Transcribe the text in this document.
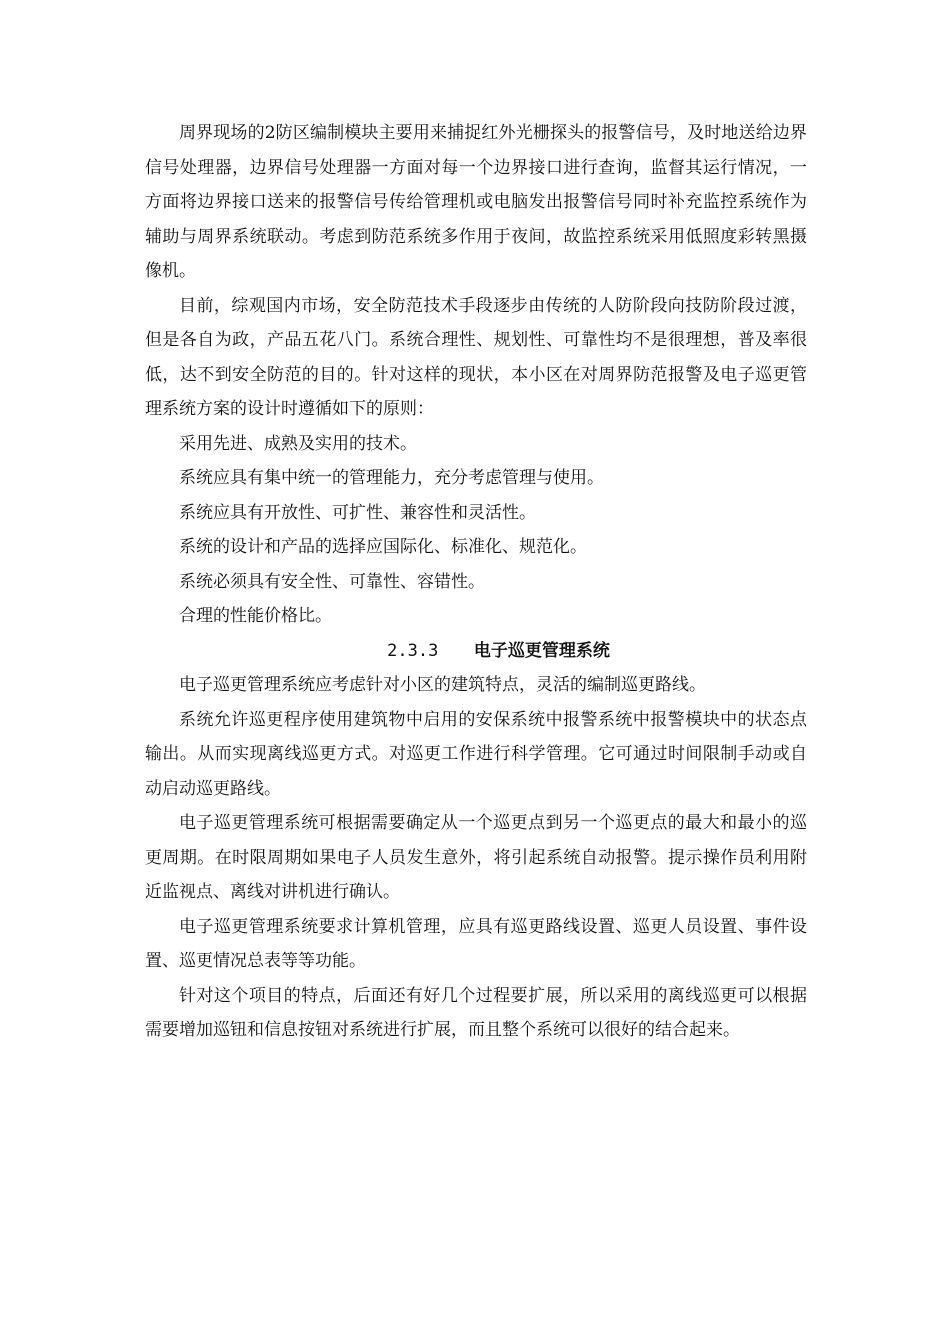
周界现场的2防区编制模块主要用来捕捉红外光栅探头的报警信号，及时地送给边界信号处理器，边界信号处理器一方面对每一个边界接口进行查询，监督其运行情况，一方面将边界接口送来的报警信号传给管理机或电脑发出报警信号同时补充监控系统作为辅助与周界系统联动。考虑到防范系统多作用于夜间，故监控系统采用低照度彩转黑摄像机。

目前，综观国内市场，安全防范技术手段逐步由传统的人防阶段向技防阶段过渡，但是各自为政，产品五花八门。系统合理性、规划性、可靠性均不是很理想，普及率很低，达不到安全防范的目的。针对这样的现状，本小区在对周界防范报警及电子巡更管理系统方案的设计时遵循如下的原则：

采用先进、成熟及实用的技术。

系统应具有集中统一的管理能力，充分考虑管理与使用。

系统应具有开放性、可扩性、兼容性和灵活性。

系统的设计和产品的选择应国际化、标准化、规范化。

系统必须具有安全性、可靠性、容错性。

合理的性能价格比。

2.3.3 电子巡更管理系统

电子巡更管理系统应考虑针对小区的建筑特点，灵活的编制巡更路线。

系统允许巡更程序使用建筑物中启用的安保系统中报警系统中报警模块中的状态点输出。从而实现离线巡更方式。对巡更工作进行科学管理。它可通过时间限制手动或自动启动巡更路线。

电子巡更管理系统可根据需要确定从一个巡更点到另一个巡更点的最大和最小的巡更周期。在时限周期如果电子人员发生意外，将引起系统自动报警。提示操作员利用附近监视点、离线对讲机进行确认。

电子巡更管理系统要求计算机管理，应具有巡更路线设置、巡更人员设置、事件设置、巡更情况总表等等功能。

针对这个项目的特点，后面还有好几个过程要扩展，所以采用的离线巡更可以根据需要增加巡钮和信息按钮对系统进行扩展，而且整个系统可以很好的结合起来。
